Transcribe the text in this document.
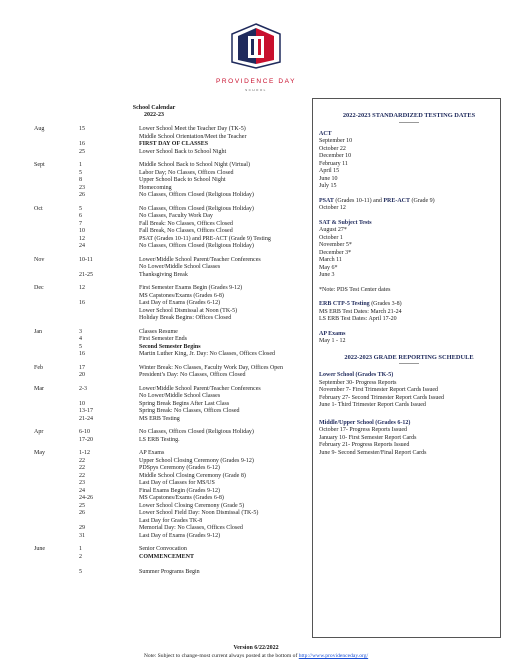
PROVIDENCE DAY
SCHOOL
School Calendar
2022-23
Aug	15	Lower School Meet the Teacher Day (TK-5)
Middle School Orientation/Meet the Teacher
16	FIRST DAY OF CLASSES
25	Lower School Back to School Night
Sept	1	Middle School Back to School Night (Virtual)
5	Labor Day; No Classes, Offices Closed
8	Upper School Back to School Night
23	Homecoming
26	No Classes, Offices Closed (Religious Holiday)
Oct	5	No Classes, Offices Closed (Religious Holiday)
6	No Classes, Faculty Work Day
7	Fall Break: No Classes, Offices Closed
10	Fall Break, No Classes, Offices Closed
12	PSAT (Grades 10-11) and PRE-ACT (Grade 9) Testing
24	No Classes, Offices Closed (Religious Holiday)
Nov	10-11	Lower/Middle School Parent/Teacher Conferences
No Lower/Middle School Classes
21-25	Thanksgiving Break
Dec	12	First Semester Exams Begin (Grades 9-12)
MS Capstones/Exams (Grades 6-8)
16	Last Day of Exams (Grades 6-12)
Lower School Dismissal at Noon (TK-5)
Holiday Break Begins: Offices Closed
Jan	3	Classes Resume
4	First Semester Ends
5	Second Semester Begins
16	Martin Luther King, Jr. Day: No Classes, Offices Closed
Feb	17	Winter Break: No Classes, Faculty Work Day, Offices Open
20	President’s Day: No Classes, Offices Closed
Mar	2-3	Lower/Middle School Parent/Teacher Conferences
No Lower/Middle School Classes
10	Spring Break Begins After Last Class
13-17	Spring Break: No Classes, Offices Closed
21-24	MS ERB Testing
Apr	6-10	No Classes, Offices Closed (Religious Holiday)
17-20	LS ERB Testing.
May	1-12	AP Exams
22	Upper School Closing Ceremony (Grades 9-12)
22	PDSpys Ceremony (Grades 6-12)
22	Middle School Closing Ceremony (Grade 8)
23	Last Day of Classes for MS/US
24	Final Exams Begin (Grades 9-12)
24-26	MS Capstones/Exams (Grades 6-8)
25	Lower School Closing Ceremony (Grade 5)
26	Lower School Field Day: Noon Dismissal (TK-5)
Last Day for Grades TK-8
29	Memorial Day: No Classes, Offices Closed
31	Last Day of Exams (Grades 9-12)
June	1	Senior Convocation
2	COMMENCEMENT

5	Summer Programs Begin
2022-2023 STANDARDIZED TESTING DATES
ACT
September 10
October 22
December 10
February 11
April 15
June 10
July 15
PSAT (Grades 10-11) and PRE-ACT (Grade 9)
October 12
SAT & Subject Tests
August 27*
October 1
November 5*
December 3*
March 11
May 6*
June 3
*Note: PDS Test Center dates
ERB CTP-5 Testing (Grades 3-8)
MS ERB Test Dates: March 21-24
LS ERB Test Dates: April 17-20
AP Exams
May 1 - 12
2022-2023 GRADE REPORTING SCHEDULE
Lower School (Grades TK-5)
September 30- Progress Reports
November 7- First Trimester Report Cards Issued
February 27- Second Trimester Report Cards Issued
June 1- Third Trimester Report Cards Issued
Middle/Upper School (Grades 6-12)
October 17- Progress Reports Issued
January 10- First Semester Report Cards
February 21- Progress Reports Issued
June 9- Second Semester/Final Report Cards
Version 6/22/2022
Note: Subject to change-most current always posted at the bottom of http://www.providenceday.org/
